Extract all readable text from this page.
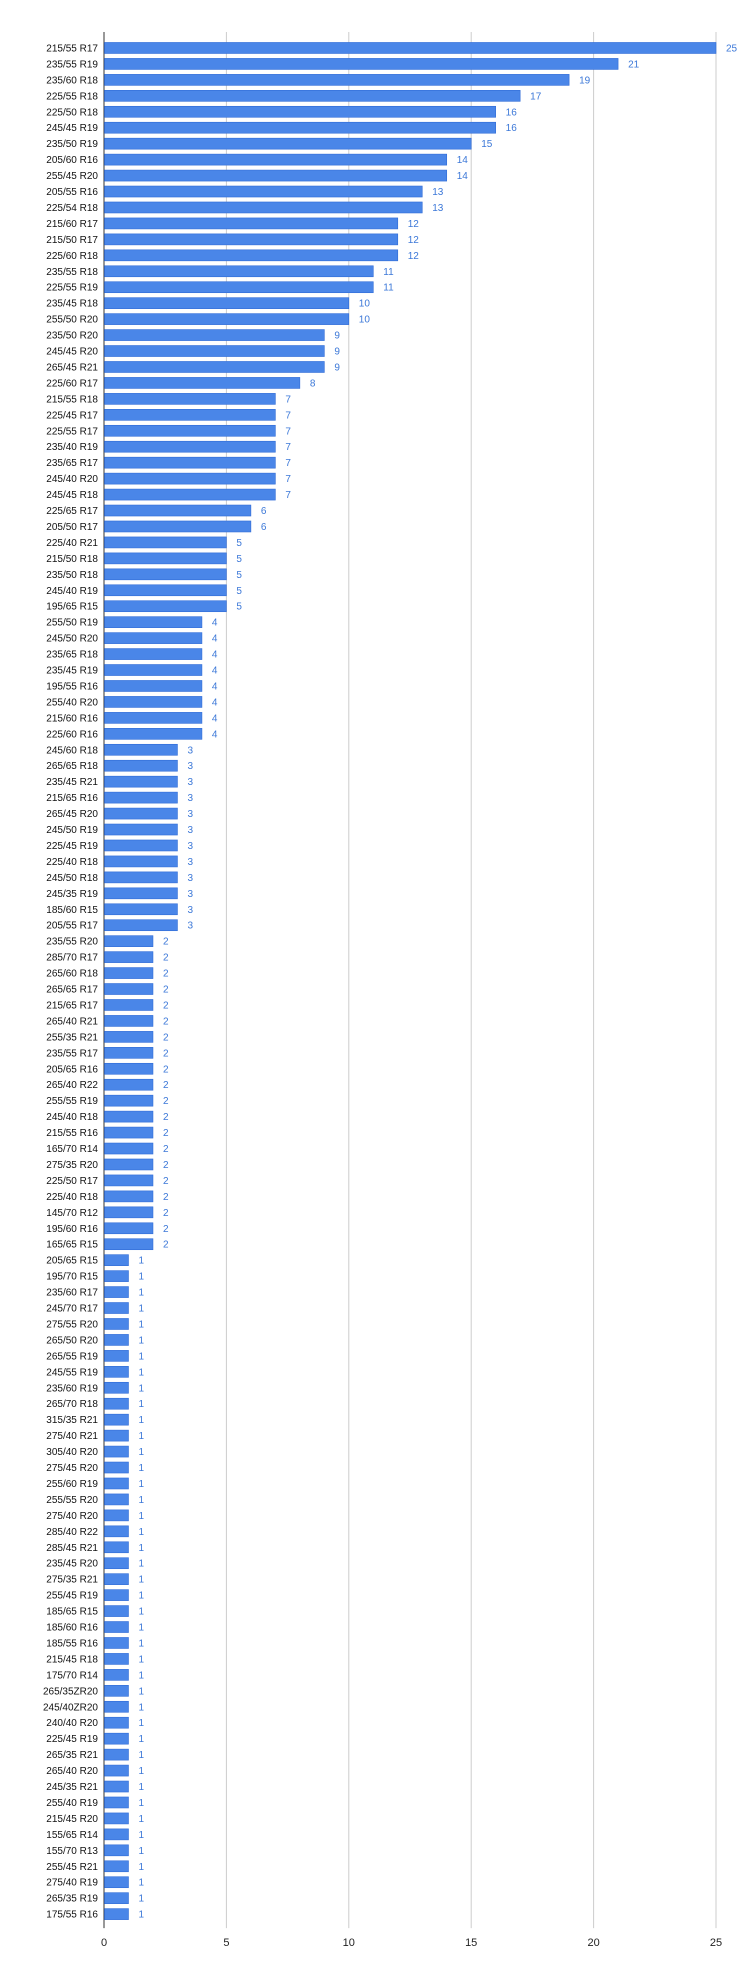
215/55 R17	25
235/55 R19	21
235/60 R18	19
225/55 R18	17
225/50 R18	16
245/45 R19	16
235/50 R19	15
205/60 R16	14
255/45 R20	14
205/55 R16	13
225/54 R18	13
215/60 R17	12
215/50 R17	12
225/60 R18	12
235/55 R18	11
225/55 R19	11
235/45 R18	10
255/50 R20	10
235/50 R20	9
245/45 R20	9
265/45 R21	9
225/60 R17	8
215/55 R18	7
225/45 R17	7
225/55 R17	7
235/40 R19	7
235/65 R17	7
245/40 R20	7
245/45 R18	7
225/65 R17	6
205/50 R17	6
225/40 R21	5
215/50 R18	5
235/50 R18	5
245/40 R19	5
195/65 R15	5
255/50 R19	4
245/50 R20	4
235/65 R18	4
235/45 R19	4
195/55 R16	4
255/40 R20	4
215/60 R16	4
225/60 R16	4
245/60 R18	3
265/65 R18	3
235/45 R21	3
215/65 R16	3
265/45 R20	3
245/50 R19	3
225/45 R19	3
225/40 R18	3
245/50 R18	3
245/35 R19	3
185/60 R15	3
205/55 R17	3
235/55 R20	2
285/70 R17	2
265/60 R18	2
265/65 R17	2
215/65 R17	2
265/40 R21	2
255/35 R21	2
235/55 R17	2
205/65 R16	2
265/40 R22	2
255/55 R19	2
245/40 R18	2
215/55 R16	2
165/70 R14	2
275/35 R20	2
225/50 R17	2
225/40 R18	2
145/70 R12	2
195/60 R16	2
165/65 R15	2
205/65 R15	1
195/70 R15	1
235/60 R17	1
245/70 R17	1
275/55 R20	1
265/50 R20	1
265/55 R19	1
245/55 R19	1
235/60 R19	1
265/70 R18	1
315/35 R21	1
275/40 R21	1
305/40 R20	1
275/45 R20	1
255/60 R19	1
255/55 R20	1
275/40 R20	1
285/40 R22	1
285/45 R21	1
235/45 R20	1
275/35 R21	1
255/45 R19	1
185/65 R15	1
185/60 R16	1
185/55 R16	1
215/45 R18	1
175/70 R14	1
265/35ZR20	1
245/40ZR20	1
240/40 R20	1
225/45 R19	1
265/35 R21	1
265/40 R20	1
245/35 R21	1
255/40 R19	1
215/45 R20	1
155/65 R14	1
155/70 R13	1
255/45 R21	1
275/40 R19	1
265/35 R19	1
175/55 R16	1
0	5	10	15	20	25
